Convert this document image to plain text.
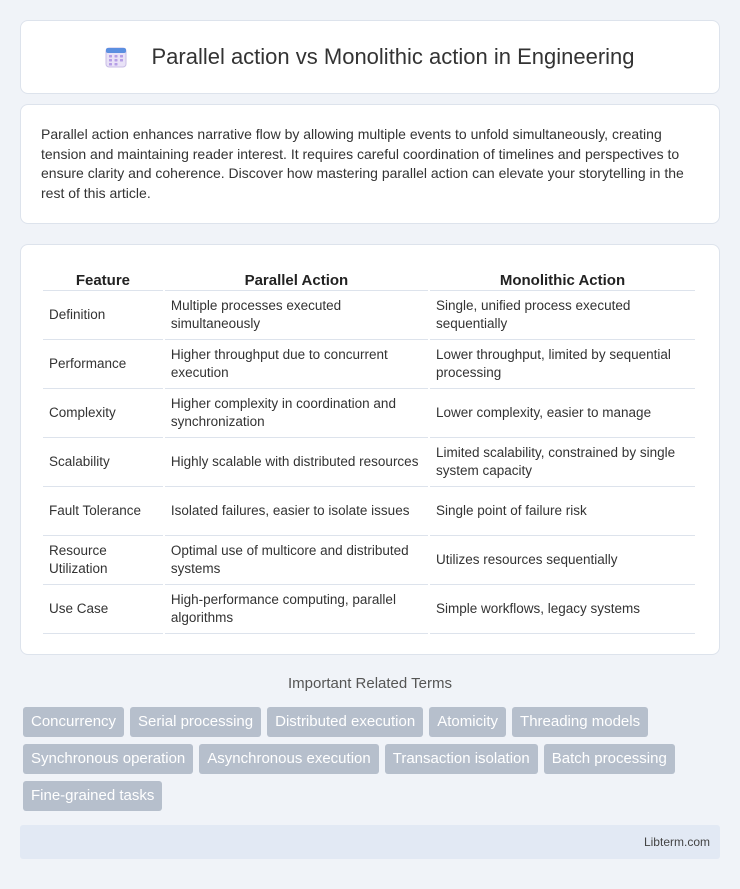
Parallel action vs Monolithic action in Engineering

Parallel action enhances narrative flow by allowing multiple events to unfold simultaneously, creating tension and maintaining reader interest. It requires careful coordination of timelines and perspectives to ensure clarity and coherence. Discover how mastering parallel action can elevate your storytelling in the rest of this article.

Feature	Parallel Action	Monolithic Action
Definition	Multiple processes executed simultaneously	Single, unified process executed sequentially
Performance	Higher throughput due to concurrent execution	Lower throughput, limited by sequential processing
Complexity	Higher complexity in coordination and synchronization	Lower complexity, easier to manage
Scalability	Highly scalable with distributed resources	Limited scalability, constrained by single system capacity
Fault Tolerance	Isolated failures, easier to isolate issues	Single point of failure risk
Resource Utilization	Optimal use of multicore and distributed systems	Utilizes resources sequentially
Use Case	High-performance computing, parallel algorithms	Simple workflows, legacy systems
Important Related Terms
Concurrency	Serial processing	Distributed execution	Atomicity	Threading models
Synchronous operation	Asynchronous execution	Transaction isolation	Batch processing
Fine-grained tasks
Libterm.com
